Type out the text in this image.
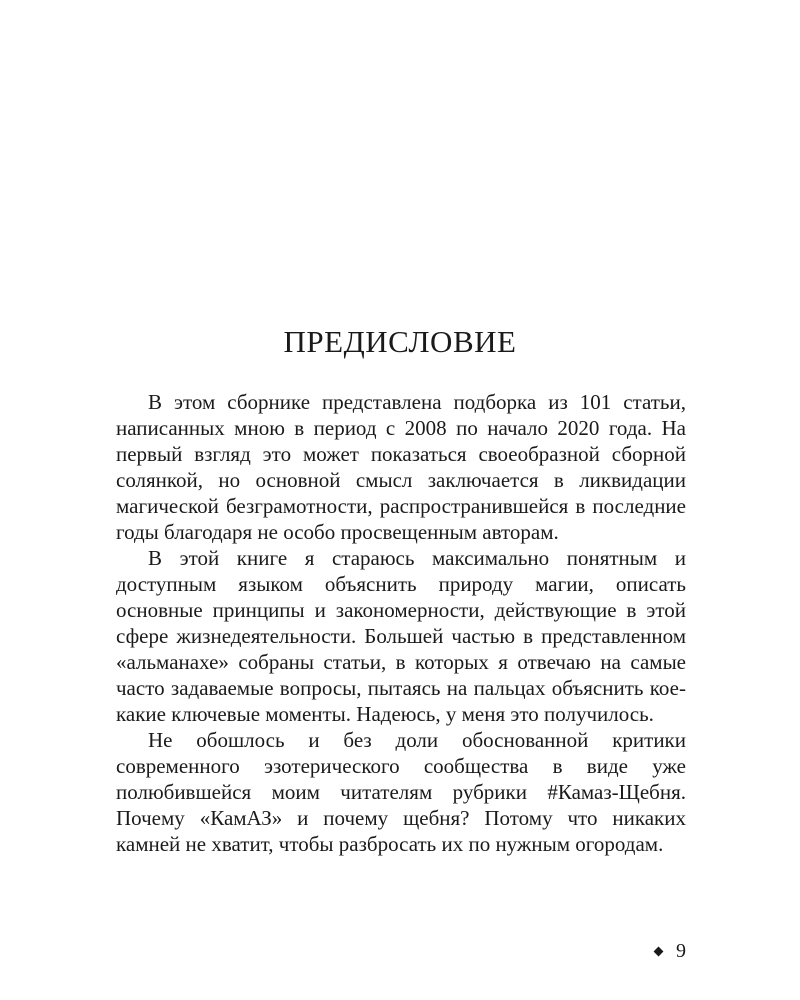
ПРЕДИСЛОВИЕ

В этом сборнике представлена подборка из 101 статьи, написанных мною в период с 2008 по начало 2020 года. На первый взгляд это может показаться своеобразной сборной солянкой, но основной смысл заключается в ликвидации магической безграмотности, распространившейся в последние годы благодаря не особо просвещенным авторам.

В этой книге я стараюсь максимально понятным и доступным языком объяснить природу магии, описать основные принципы и закономерности, действующие в этой сфере жизнедеятельности. Большей частью в представленном «альманахе» собраны статьи, в которых я отвечаю на самые часто задаваемые вопросы, пытаясь на пальцах объяснить кое-какие ключевые моменты. Надеюсь, у меня это получилось.

Не обошлось и без доли обоснованной критики современного эзотерического сообщества в виде уже полюбившейся моим читателям рубрики #Камаз-Щебня. Почему «КамАЗ» и почему щебня? Потому что никаких камней не хватит, чтобы разбросать их по нужным огородам.

9
